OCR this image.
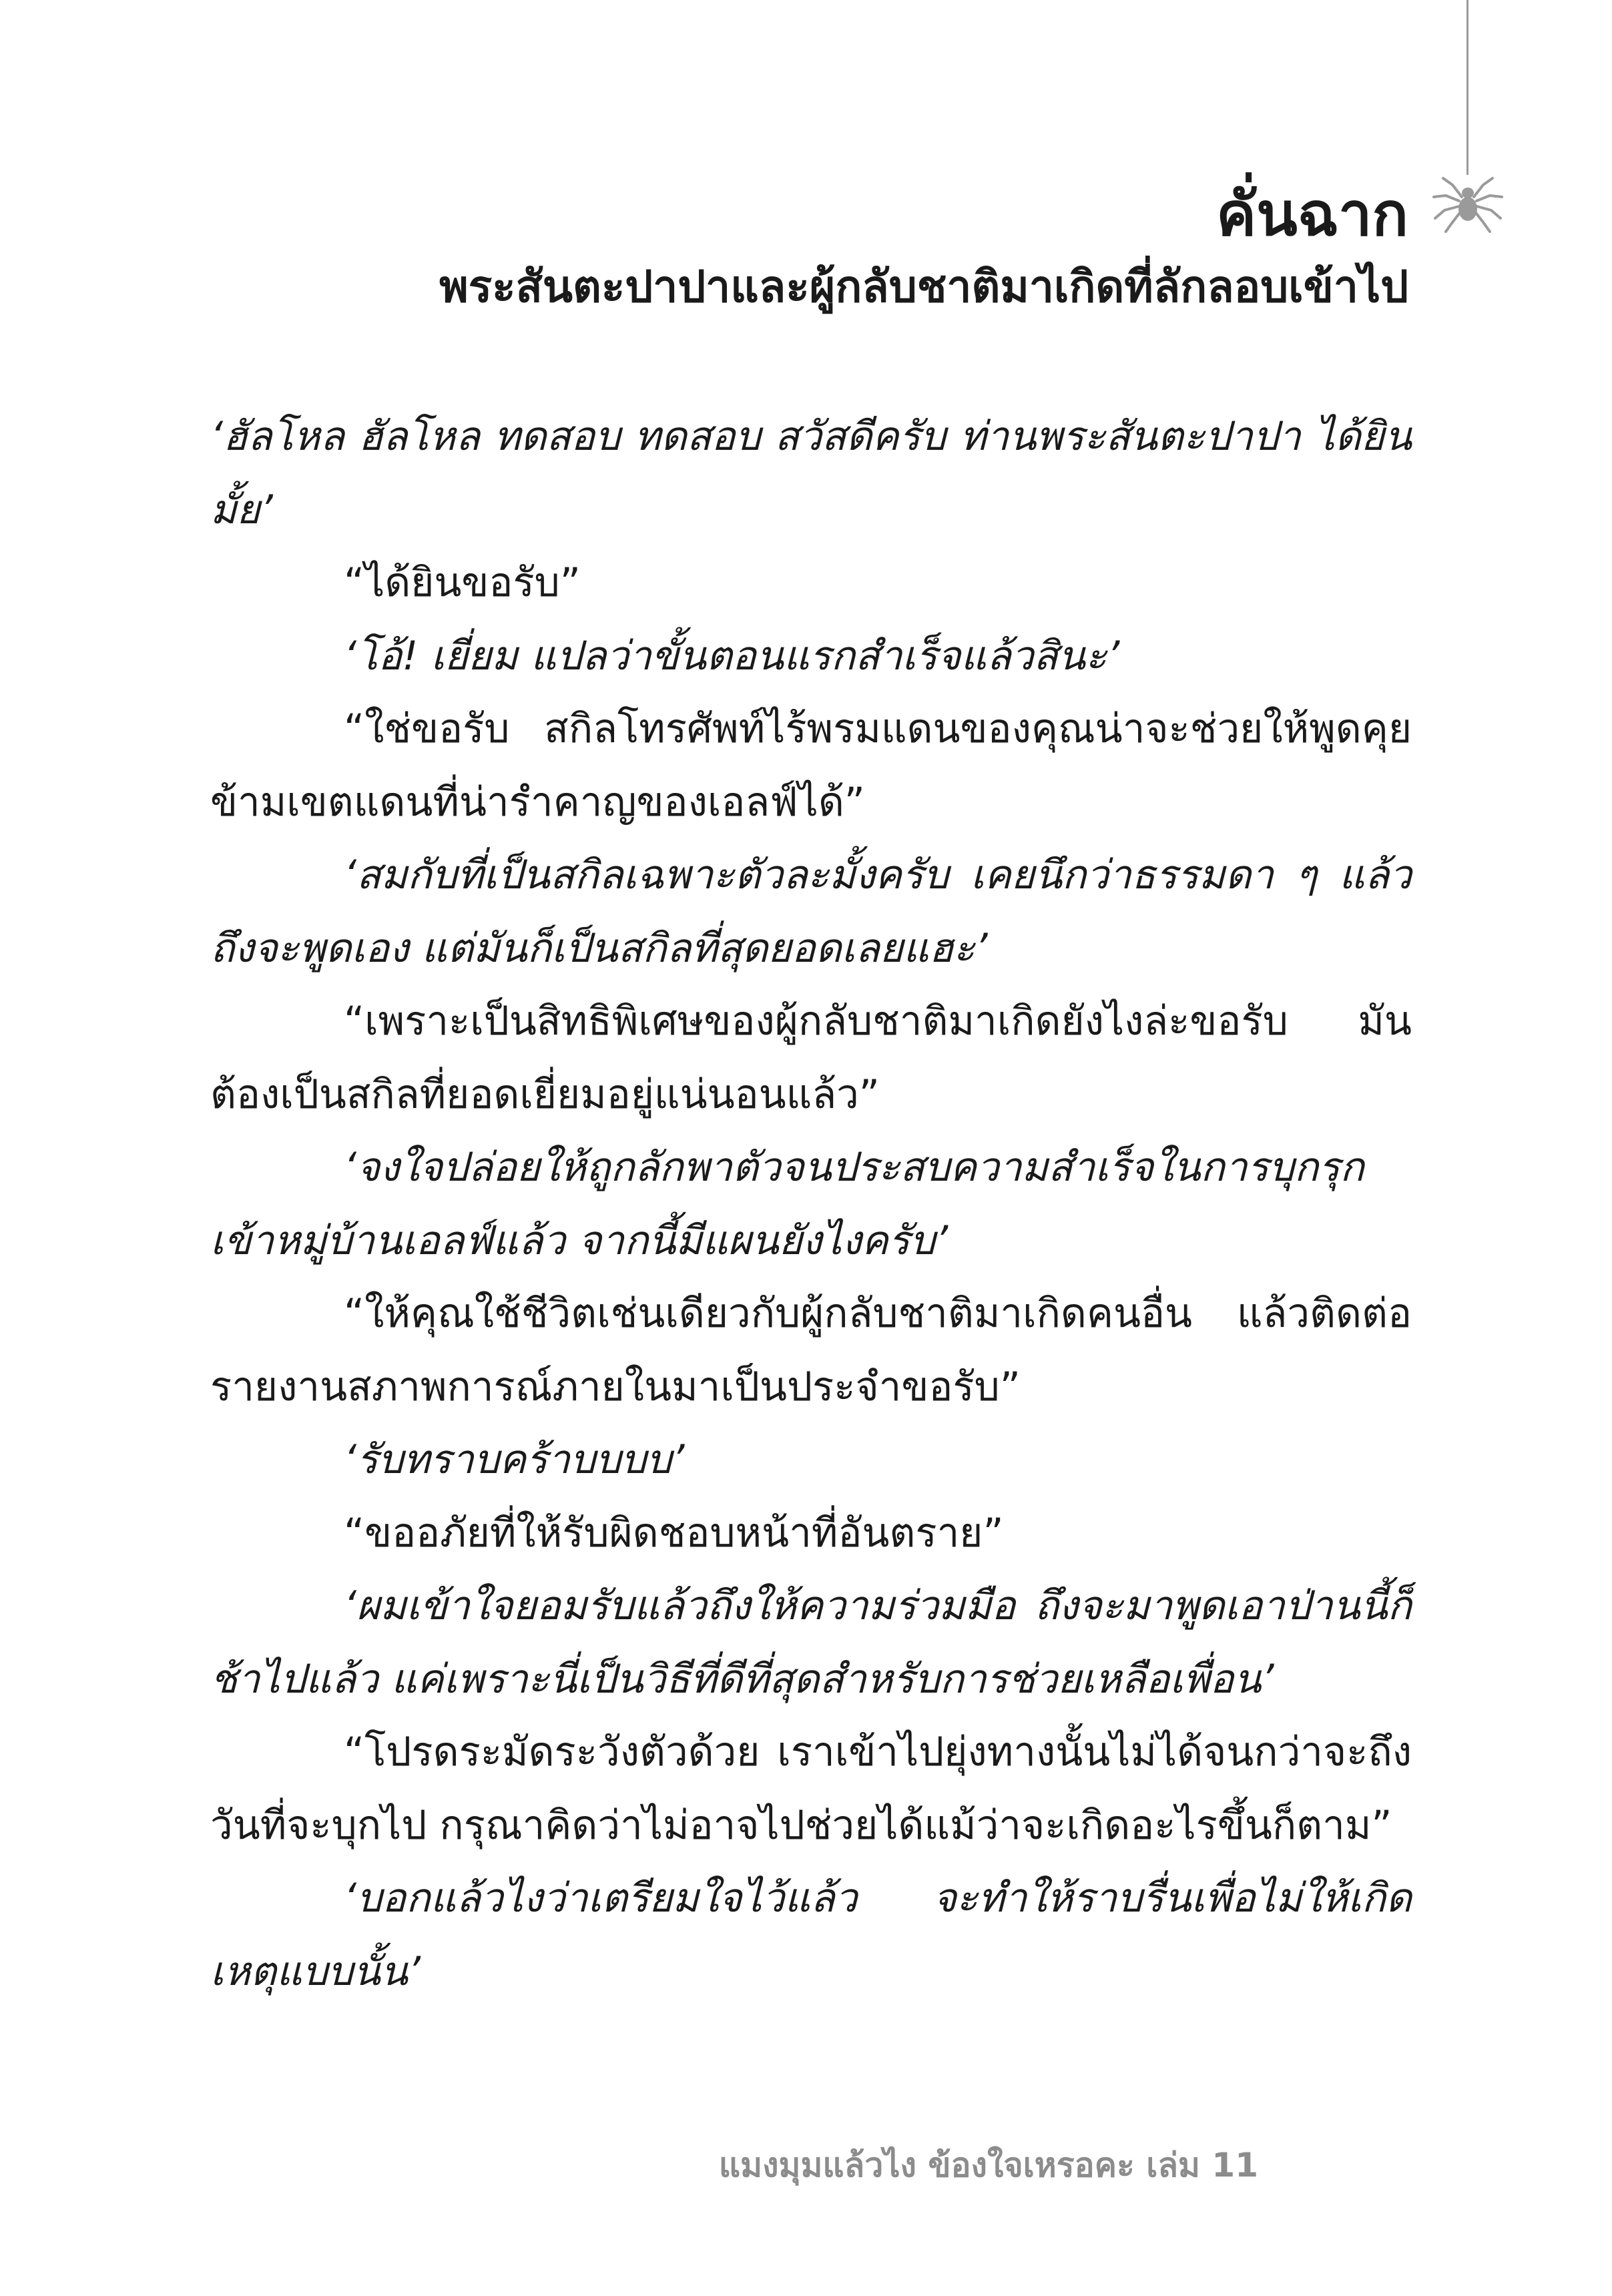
คั่นฉาก
พระสันตะปาปาและผู้กลับชาติมาเกิดที่ลักลอบเข้าไป

‘ฮัลโหล ฮัลโหล ทดสอบ ทดสอบ สวัสดีครับ ท่านพระสันตะปาปา ได้ยินมั้ย’

“ได้ยินขอรับ”

‘โอ้! เยี่ยม แปลว่าขั้นตอนแรกสำเร็จแล้วสินะ’

“ใช่ขอรับ สกิลโทรศัพท์ไร้พรมแดนของคุณน่าจะช่วยให้พูดคุยข้ามเขตแดนที่น่ารำคาญของเอลฟ์ได้”

‘สมกับที่เป็นสกิลเฉพาะตัวละมั้งครับ เคยนึกว่าธรรมดา ๆ แล้วถึงจะพูดเอง แต่มันก็เป็นสกิลที่สุดยอดเลยแฮะ’

“เพราะเป็นสิทธิพิเศษของผู้กลับชาติมาเกิดยังไงล่ะขอรับ มันต้องเป็นสกิลที่ยอดเยี่ยมอยู่แน่นอนแล้ว”

‘จงใจปล่อยให้ถูกลักพาตัวจนประสบความสำเร็จในการบุกรุกเข้าหมู่บ้านเอลฟ์แล้ว จากนี้มีแผนยังไงครับ’

“ให้คุณใช้ชีวิตเช่นเดียวกับผู้กลับชาติมาเกิดคนอื่น แล้วติดต่อรายงานสภาพการณ์ภายในมาเป็นประจำขอรับ”

‘รับทราบคร้าบบบบ’

“ขออภัยที่ให้รับผิดชอบหน้าที่อันตราย”

‘ผมเข้าใจยอมรับแล้วถึงให้ความร่วมมือ ถึงจะมาพูดเอาป่านนี้ก็ช้าไปแล้ว แค่เพราะนี่เป็นวิธีที่ดีที่สุดสำหรับการช่วยเหลือเพื่อน’

“โปรดระมัดระวังตัวด้วย เราเข้าไปยุ่งทางนั้นไม่ได้จนกว่าจะถึงวันที่จะบุกไป กรุณาคิดว่าไม่อาจไปช่วยได้แม้ว่าจะเกิดอะไรขึ้นก็ตาม”

‘บอกแล้วไงว่าเตรียมใจไว้แล้ว จะทำให้ราบรื่นเพื่อไม่ให้เกิดเหตุแบบนั้น’

แมงมุมแล้วไง ข้องใจเหรอคะ เล่ม 11
